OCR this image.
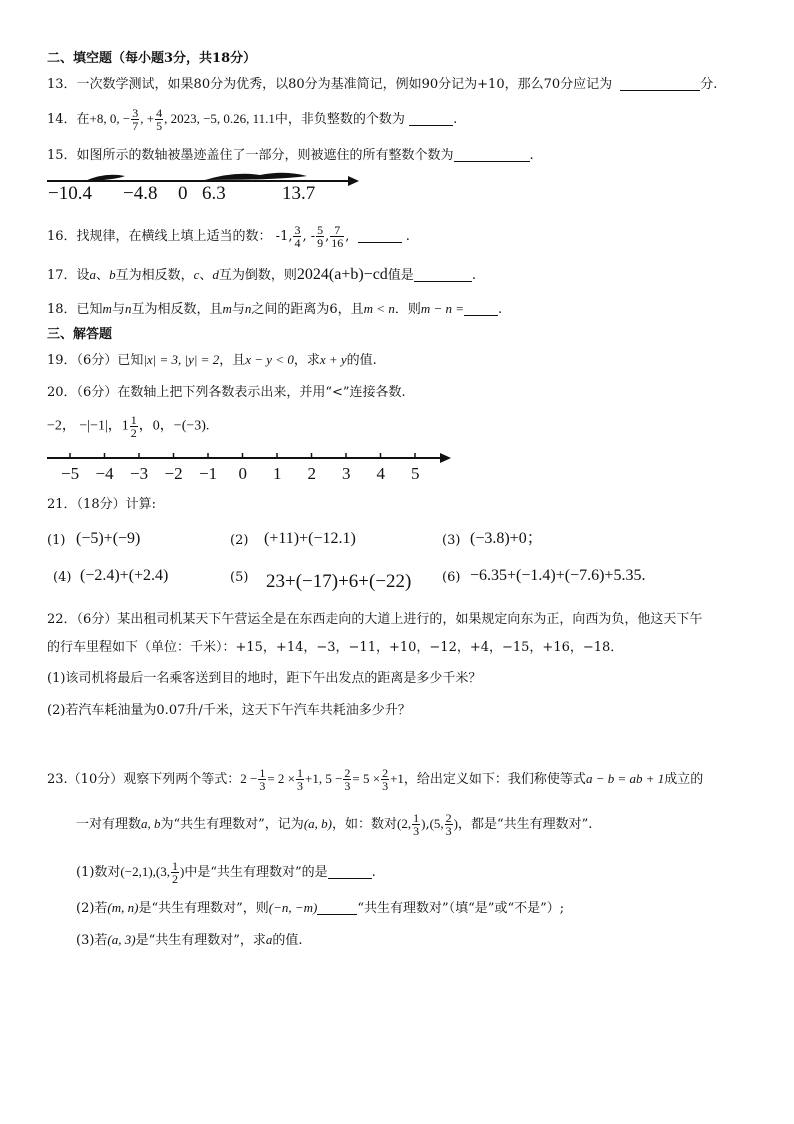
二、填空题（每小题3分，共18分）
13．一次数学测试，如果80分为优秀，以80分为基准简记，例如90分记为+10，那么70分应记为	分.
14．在+8, 0, − $\frac{3}{7}$ , + $\frac{4}{5}$ , 2023, −5, 0.26, 11.1中，非负整数的个数为	.
15．如图所示的数轴被墨迹盖住了一部分，则被遮住的所有整数个数为	.
−10.4 −4.8 0 6.3	13.7
16．找规律，在横线上填上适当的数： -1, $\frac{3}{4}$ , - $\frac{5}{9}$ , $\frac{7}{16}$ ,	.
17．设a、b互为相反数，c、d互为倒数，则2024(a+b)−cd值是	.
18．已知m与n互为相反数，且m与n之间的距离为6，且m < n．则m − n =	.
三、解答题
19．（6分）已知|x| = 3, |y| = 2，且x − y < 0，求x + y的值.
20．（6分）在数轴上把下列各数表示出来，并用“<”连接各数.
−2， −|−1|，$1 \frac{1}{2}$ ，0，−(−3).
−5 −4 −3 −2 −1 0 1 2 3 4 5
21．（18分）计算:
(1) (−5)+(−9)	(2) (+11)+(−12.1)	(3) (−3.8)+0；
(4) (−2.4)+(+2.4)	(5) 23+(−17)+6+(−22) (6) −6.35+(−1.4)+(−7.6)+5.35.
22．（6分）某出租司机某天下午营运全是在东西走向的大道上进行的，如果规定向东为正，向西为负，他这天下午
的行车里程如下（单位：千米）：+15，+14，−3，−11，+10，−12，+4，−15，+16，−18．
(1)该司机将最后一名乘客送到目的地时，距下午出发点的距离是多少千米？
(2)若汽车耗油量为0.07升/千米，这天下午汽车共耗油多少升？
23.（10分）观察下列两个等式：$2 - \frac{1}{3} = 2 \times \frac{1}{3} +1$, $5 - \frac{2}{3} = 5 \times \frac{2}{3} +1$，给出定义如下：我们称使等式a − b = ab + 1成立的
一对有理数a, b为“共生有理数对”，记为(a, b)，如：数对(2, $\frac{1}{3} ),(5$, $\frac{2}{3}$ )，都是“共生有理数对”.
(1)数对(−2,1),(3, $\frac{1}{2}$ )中是“共生有理数对”的是	.
(2)若(m, n)是“共生有理数对”，则(−n, −m)	“共生有理数对”（填“是”或“不是”）;
(3)若(a, 3)是“共生有理数对”，求a的值.
